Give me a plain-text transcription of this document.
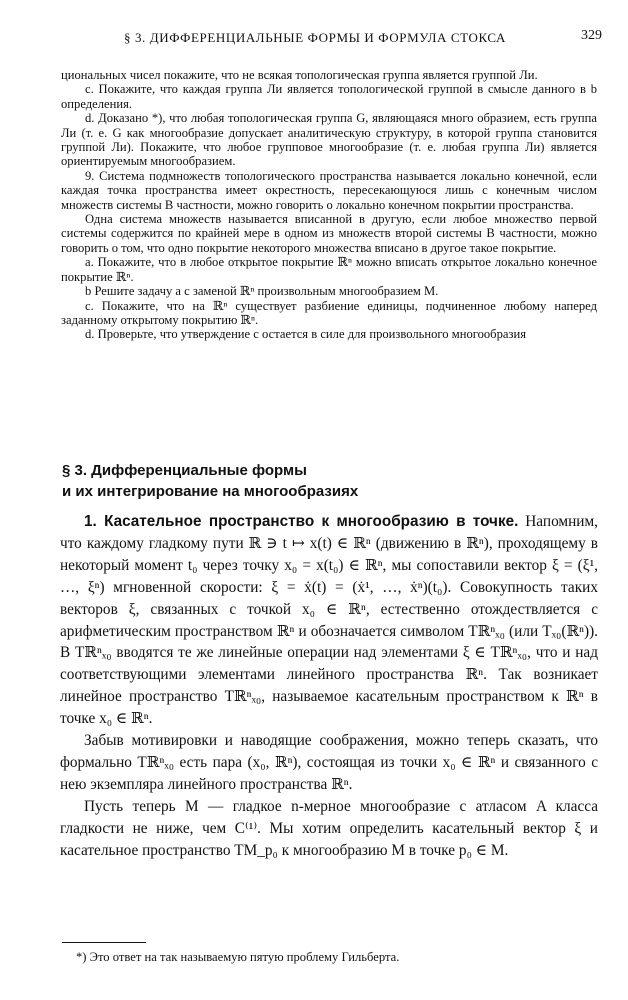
§ 3. ДИФФЕРЕНЦИАЛЬНЫЕ ФОРМЫ И ФОРМУЛА СТОКСА	329

циональных чисел покажите, что не всякая топологическая группа является группой Ли.

c. Покажите, что каждая группа Ли является топологической группой в смысле данного в b определения.

d. Доказано *), что любая топологическая группа G, являющаяся много образием, есть группа Ли (т. е. G как многообразие допускает аналитическую структуру, в которой группа становится группой Ли). Покажите, что любое групповое многообразие (т. е. любая группа Ли) является ориентируемым многообразием.

9. Система подмножеств топологического пространства называется локально конечной, если каждая точка пространства имеет окрестность, пересекающуюся лишь с конечным числом множеств системы В частности, можно говорить о локально конечном покрытии пространства.

Одна система множеств называется вписанной в другую, если любое множество первой системы содержится по крайней мере в одном из множеств второй системы В частности, можно говорить о том, что одно покрытие некоторого множества вписано в другое такое покрытие.

a. Покажите, что в любое открытое покрытие ℝⁿ можно вписать открытое локально конечное покрытие ℝⁿ.

b Решите задачу a с заменой ℝⁿ произвольным многообразием M.

c. Покажите, что на ℝⁿ существует разбиение единицы, подчиненное любому наперед заданному открытому покрытию ℝⁿ.

d. Проверьте, что утверждение c остается в силе для произвольного многообразия

§ 3. Дифференциальные формы
и их интегрирование на многообразиях

1. Касательное пространство к многообразию в точке. Напомним, что каждому гладкому пути ℝ ∋ t ↦ x(t) ∈ ℝⁿ (движению в ℝⁿ), проходящему в некоторый момент t₀ через точку x₀ = x(t₀) ∈ ℝⁿ, мы сопоставили вектор ξ = (ξ¹, …, ξⁿ) мгновенной скорости: ξ = ẋ(t) = (ẋ¹, …, ẋⁿ)(t₀). Совокупность таких векторов ξ, связанных с точкой x₀ ∈ ℝⁿ, естественно отождествляется с арифметическим пространством ℝⁿ и обозначается символом Tℝⁿₓ₀ (или Tₓ₀(ℝⁿ)). В Tℝⁿₓ₀ вводятся те же линейные операции над элементами ξ ∈ Tℝⁿₓ₀, что и над соответствующими элементами линейного пространства ℝⁿ. Так возникает линейное пространство Tℝⁿₓ₀, называемое касательным пространством к ℝⁿ в точке x₀ ∈ ℝⁿ.

Забыв мотивировки и наводящие соображения, можно теперь сказать, что формально Tℝⁿₓ₀ есть пара (x₀, ℝⁿ), состоящая из точки x₀ ∈ ℝⁿ и связанного с нею экземпляра линейного пространства ℝⁿ.

Пусть теперь M — гладкое n-мерное многообразие с атласом A класса гладкости не ниже, чем C⁽¹⁾. Мы хотим определить касательный вектор ξ и касательное пространство TM_p₀ к многообразию M в точке p₀ ∈ M.

*) Это ответ на так называемую пятую проблему Гильберта.
